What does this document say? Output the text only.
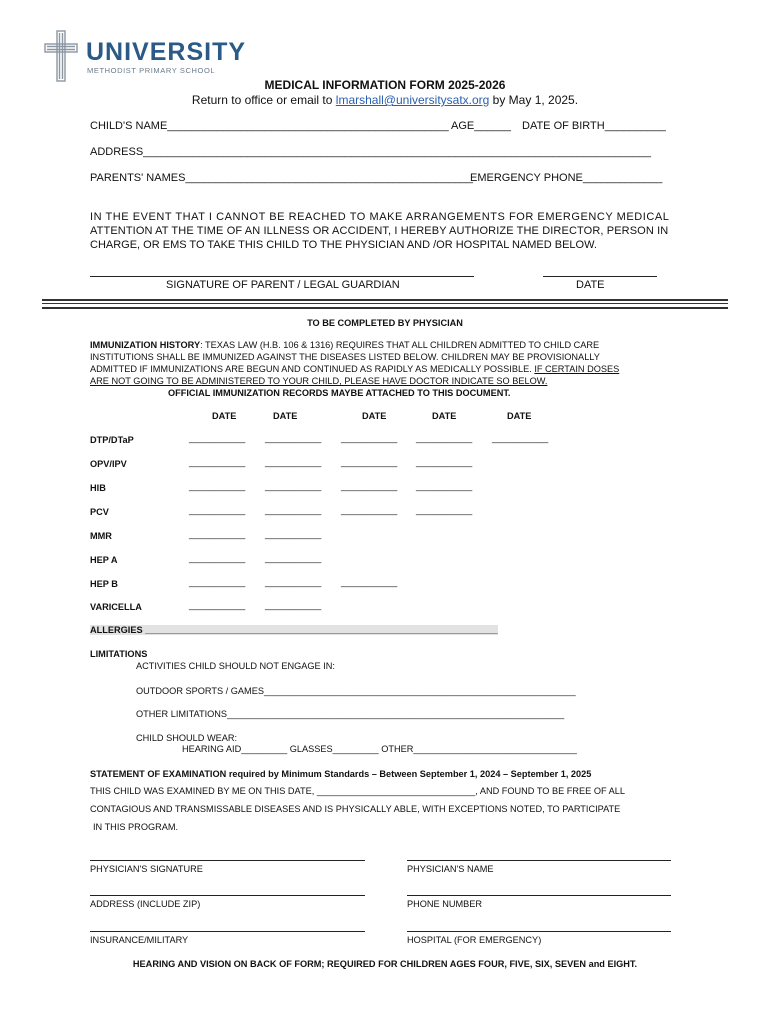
UNIVERSITY
METHODIST PRIMARY SCHOOL
MEDICAL INFORMATION FORM 2025-2026
Return to office or email to lmarshall@universitysatx.org by May 1, 2025.
CHILD'S NAME______________________________________________ AGE______ DATE OF BIRTH__________
ADDRESS___________________________________________________________________________________
PARENTS' NAMES_______________________________________________
EMERGENCY PHONE_____________
IN THE EVENT THAT I CANNOT BE REACHED TO MAKE ARRANGEMENTS FOR EMERGENCY MEDICAL
ATTENTION AT THE TIME OF AN ILLNESS OR ACCIDENT, I HEREBY AUTHORIZE THE DIRECTOR, PERSON IN
CHARGE, OR EMS TO TAKE THIS CHILD TO THE PHYSICIAN AND /OR HOSPITAL NAMED BELOW.
SIGNATURE OF PARENT / LEGAL GUARDIAN	DATE
TO BE COMPLETED BY PHYSICIAN
IMMUNIZATION HISTORY: TEXAS LAW (H.B. 106 & 1316) REQUIRES THAT ALL CHILDREN ADMITTED TO CHILD CARE
INSTITUTIONS SHALL BE IMMUNIZED AGAINST THE DISEASES LISTED BELOW. CHILDREN MAY BE PROVISIONALLY
ADMITTED IF IMMUNIZATIONS ARE BEGUN AND CONTINUED AS RAPIDLY AS MEDICALLY POSSIBLE. IF CERTAIN DOSES
ARE NOT GOING TO BE ADMINISTERED TO YOUR CHILD, PLEASE HAVE DOCTOR INDICATE SO BELOW.
OFFICIAL IMMUNIZATION RECORDS MAYBE ATTACHED TO THIS DOCUMENT.
DATE	DATE	DATE	DATE	DATE
DTP/DTaP	___________ ___________ ___________ ___________ ___________
OPV/IPV	___________ ___________ ___________ ___________
HIB	___________ ___________ ___________ ___________
PCV	___________ ___________ ___________ ___________
MMR	___________ ___________
HEP A	___________ ___________
HEP B	___________ ___________ ___________
VARICELLA	___________ ___________
ALLERGIES _____________________________________________________________________
LIMITATIONS
ACTIVITIES CHILD SHOULD NOT ENGAGE IN:
OUTDOOR SPORTS / GAMES_____________________________________________________________
OTHER LIMITATIONS__________________________________________________________________
CHILD SHOULD WEAR:
HEARING AID_________ GLASSES_________ OTHER________________________________
STATEMENT OF EXAMINATION required by Minimum Standards – Between September 1, 2024 – September 1, 2025
THIS CHILD WAS EXAMINED BY ME ON THIS DATE, _______________________________, AND FOUND TO BE FREE OF ALL
CONTAGIOUS AND TRANSMISSABLE DISEASES AND IS PHYSICALLY ABLE, WITH EXCEPTIONS NOTED, TO PARTICIPATE
IN THIS PROGRAM.
PHYSICIAN'S SIGNATURE	PHYSICIAN'S NAME
ADDRESS (INCLUDE ZIP)	PHONE NUMBER
INSURANCE/MILITARY	HOSPITAL (FOR EMERGENCY)
HEARING AND VISION ON BACK OF FORM; REQUIRED FOR CHILDREN AGES FOUR, FIVE, SIX, SEVEN and EIGHT.
